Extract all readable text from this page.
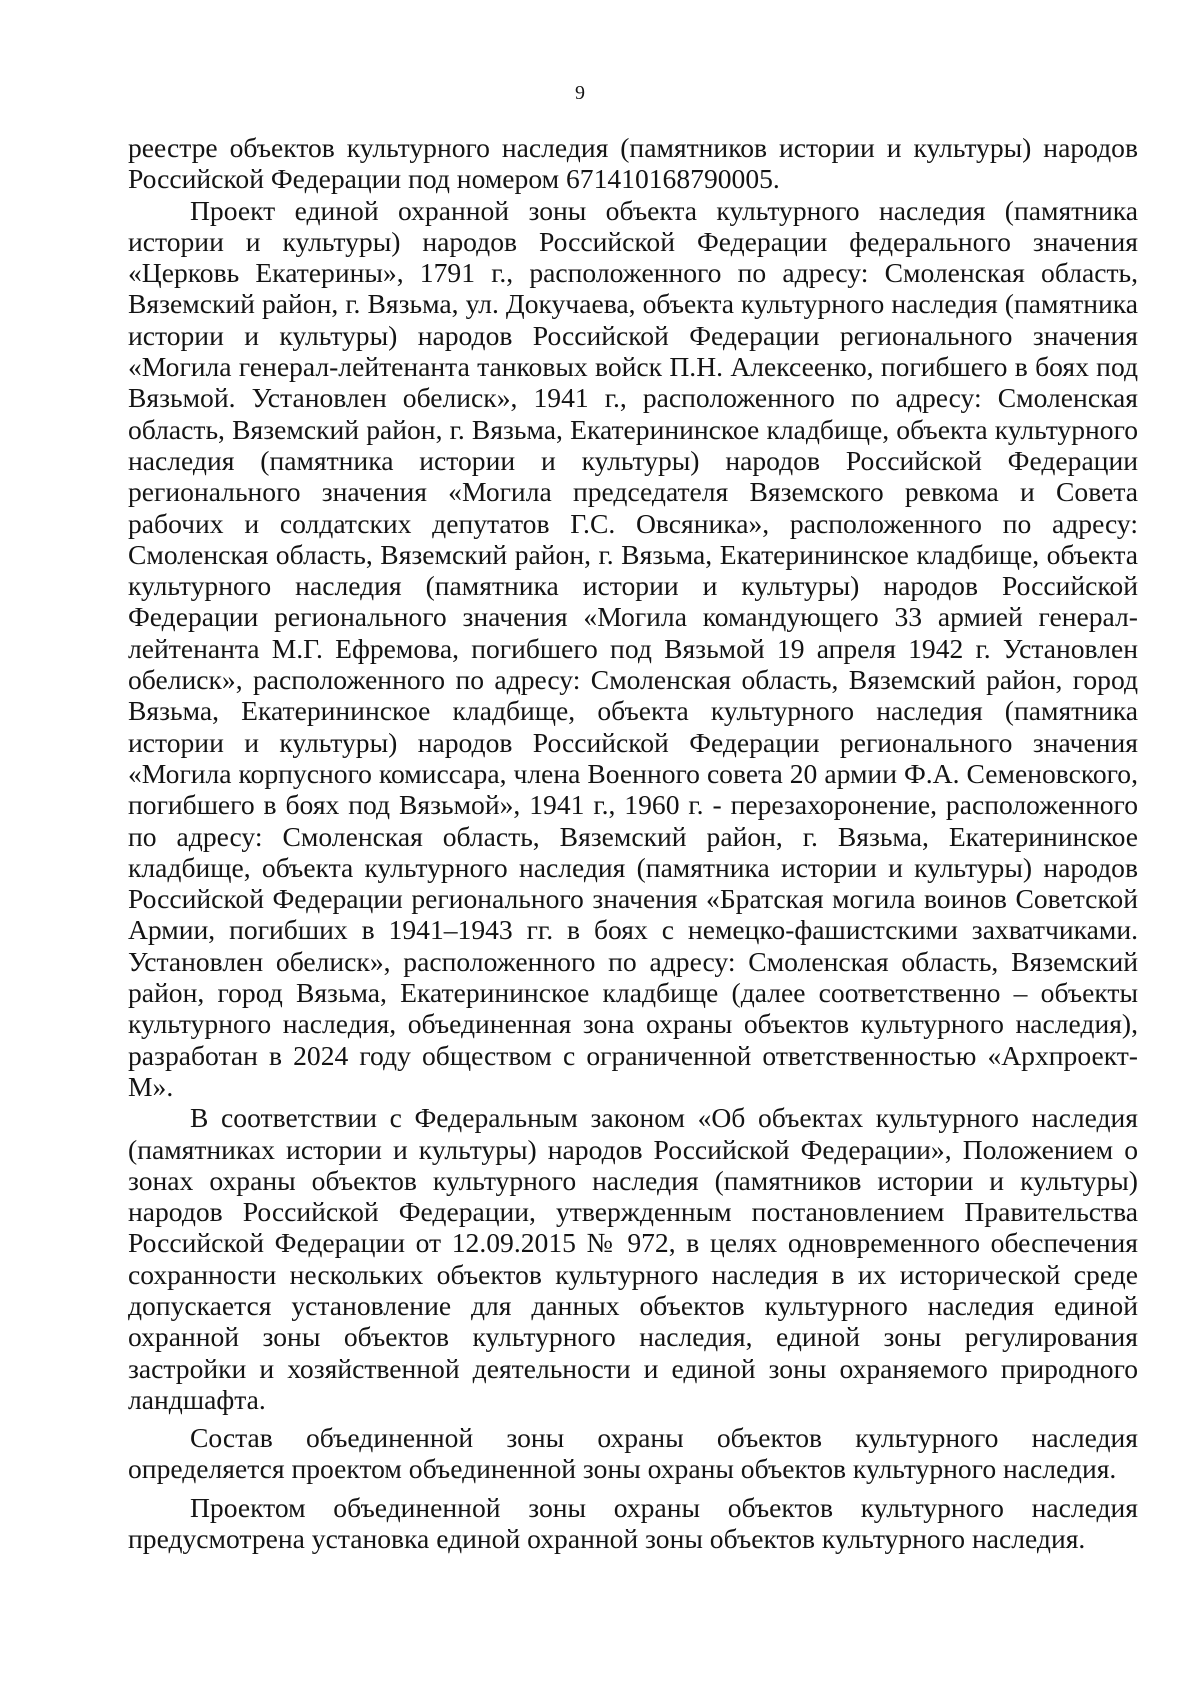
9

реестре объектов культурного наследия (памятников истории и культуры) народов Российской Федерации под номером 671410168790005.

Проект единой охранной зоны объекта культурного наследия (памятника истории и культуры) народов Российской Федерации федерального значения «Церковь Екатерины», 1791 г., расположенного по адресу: Смоленская область, Вяземский район, г. Вязьма, ул. Докучаева, объекта культурного наследия (памятника истории и культуры) народов Российской Федерации регионального значения «Могила генерал-лейтенанта танковых войск П.Н. Алексеенко, погибшего в боях под Вязьмой. Установлен обелиск», 1941 г., расположенного по адресу: Смоленская область, Вяземский район, г. Вязьма, Екатерининское кладбище, объекта культурного наследия (памятника истории и культуры) народов Российской Федерации регионального значения «Могила председателя Вяземского ревкома и Совета рабочих и солдатских депутатов Г.С. Овсяника», расположенного по адресу: Смоленская область, Вяземский район, г. Вязьма, Екатерининское кладбище, объекта культурного наследия (памятника истории и культуры) народов Российской Федерации регионального значения «Могила командующего 33 армией генерал-лейтенанта М.Г. Ефремова, погибшего под Вязьмой 19 апреля 1942 г. Установлен обелиск», расположенного по адресу: Смоленская область, Вяземский район, город Вязьма, Екатерининское кладбище, объекта культурного наследия (памятника истории и культуры) народов Российской Федерации регионального значения «Могила корпусного комиссара, члена Военного совета 20 армии Ф.А. Семеновского, погибшего в боях под Вязьмой», 1941 г., 1960 г. - перезахоронение, расположенного по адресу: Смоленская область, Вяземский район, г. Вязьма, Екатерининское кладбище, объекта культурного наследия (памятника истории и культуры) народов Российской Федерации регионального значения «Братская могила воинов Советской Армии, погибших в 1941–1943 гг. в боях с немецко-фашистскими захватчиками. Установлен обелиск», расположенного по адресу: Смоленская область, Вяземский район, город Вязьма, Екатерининское кладбище (далее соответственно – объекты культурного наследия, объединенная зона охраны объектов культурного наследия), разработан в 2024 году обществом с ограниченной ответственностью «Архпроект-М».

В соответствии с Федеральным законом «Об объектах культурного наследия (памятниках истории и культуры) народов Российской Федерации», Положением о зонах охраны объектов культурного наследия (памятников истории и культуры) народов Российской Федерации, утвержденным постановлением Правительства Российской Федерации от 12.09.2015 № 972, в целях одновременного обеспечения сохранности нескольких объектов культурного наследия в их исторической среде допускается установление для данных объектов культурного наследия единой охранной зоны объектов культурного наследия, единой зоны регулирования застройки и хозяйственной деятельности и единой зоны охраняемого природного ландшафта.

Состав объединенной зоны охраны объектов культурного наследия определяется проектом объединенной зоны охраны объектов культурного наследия.

Проектом объединенной зоны охраны объектов культурного наследия предусмотрена установка единой охранной зоны объектов культурного наследия.
